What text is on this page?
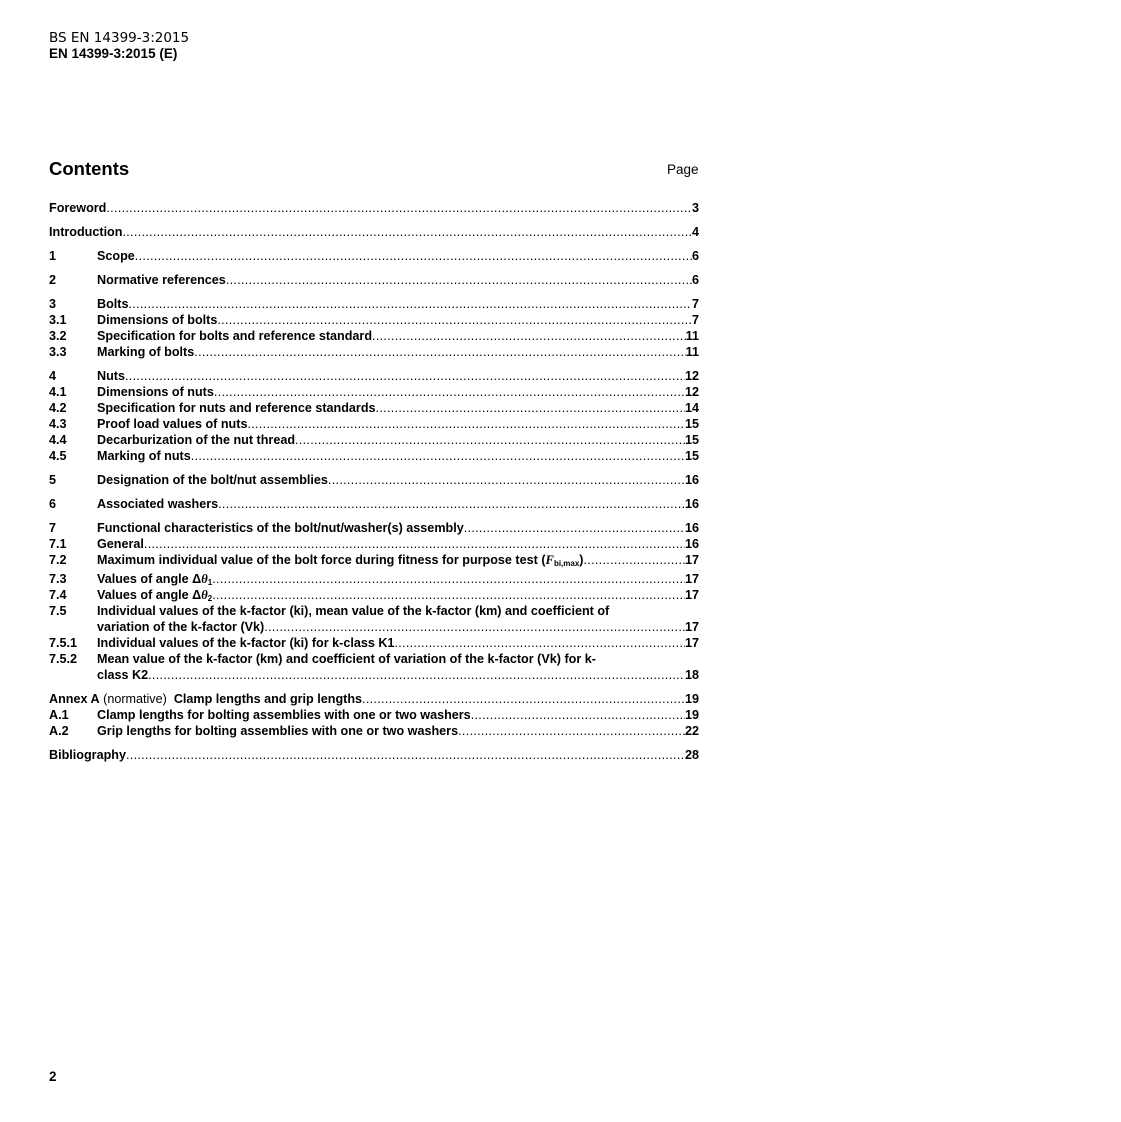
BS EN 14399-3:2015
EN 14399-3:2015 (E)
Contents	Page
Foreword .....	3
Introduction .....	4
1	Scope .....	6
2	Normative references .....	6
3	Bolts .....	7
3.1 Dimensions of bolts .....	7
3.2 Specification for bolts and reference standard .....	11
3.3 Marking of bolts .....	11
4	Nuts .....	12
4.1 Dimensions of nuts .....	12
4.2 Specification for nuts and reference standards .....	14
4.3 Proof load values of nuts .....	15
4.4 Decarburization of the nut thread .....	15
4.5 Marking of nuts .....	15
5	Designation of the bolt/nut assemblies .....	16
6	Associated washers .....	16
7	Functional characteristics of the bolt/nut/washer(s) assembly .....	16
7.1 General .....	16
7.2 Maximum individual value of the bolt force during fitness for purpose test $(F_{bi,max})$ .....	17
7.3 Values of angle $\Delta\theta_1$ .....	17
7.4 Values of angle $\Delta\theta_2$ .....	17
7.5 Individual values of the k-factor (ki), mean value of the k-factor (km) and coefficient of
variation of the k-factor (Vk) .....	17
7.5.1 Individual values of the k-factor (ki) for k-class K1 .....	17
7.5.2 Mean value of the k-factor (km) and coefficient of variation of the k-factor (Vk) for k-
class K2 .....	18
Annex A (normative) Clamp lengths and grip lengths .....	19
A.1 Clamp lengths for bolting assemblies with one or two washers .....	19
A.2 Grip lengths for bolting assemblies with one or two washers .....	22
Bibliography .....	28
2
